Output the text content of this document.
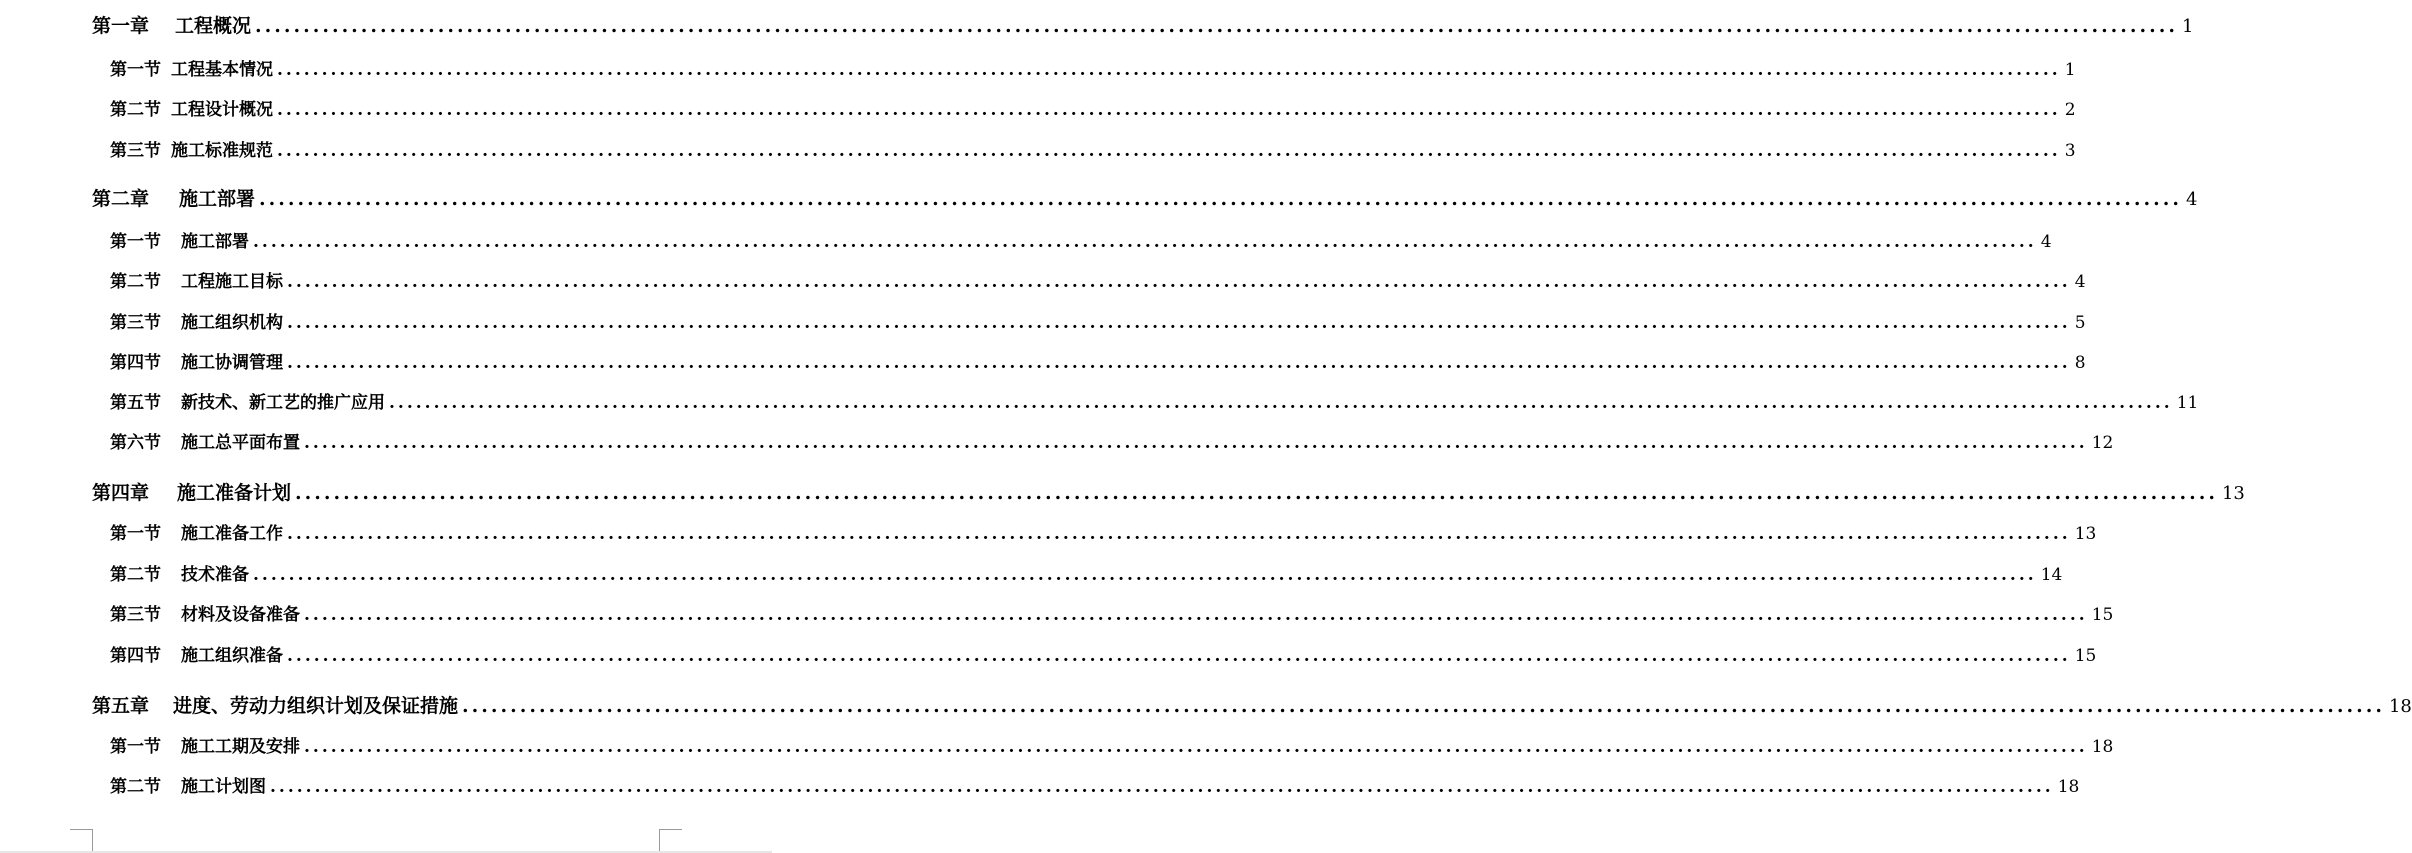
第一章 工程概况 ........................................................................................................................................................................................................ 1
第一节 工程基本情况 ........................................................................................................................................................................................................ 1
第二节 工程设计概况 ........................................................................................................................................................................................................ 2
第三节 施工标准规范 ........................................................................................................................................................................................................ 3
第二章 施工部署 ........................................................................................................................................................................................................ 4
第一节 施工部署 ........................................................................................................................................................................................................ 4
第二节 工程施工目标 ........................................................................................................................................................................................................ 4
第三节 施工组织机构 ........................................................................................................................................................................................................ 5
第四节 施工协调管理 ........................................................................................................................................................................................................ 8
第五节 新技术、新工艺的推广应用 ........................................................................................................................................................................................................ 11
第六节 施工总平面布置 ........................................................................................................................................................................................................ 12
第四章 施工准备计划 ........................................................................................................................................................................................................ 13
第一节 施工准备工作 ........................................................................................................................................................................................................ 13
第二节 技术准备 ........................................................................................................................................................................................................ 14
第三节 材料及设备准备 ........................................................................................................................................................................................................ 15
第四节 施工组织准备 ........................................................................................................................................................................................................ 15
第五章 进度、劳动力组织计划及保证措施 ........................................................................................................................................................................................................ 18
第一节 施工工期及安排 ........................................................................................................................................................................................................ 18
第二节 施工计划图 ........................................................................................................................................................................................................ 18
